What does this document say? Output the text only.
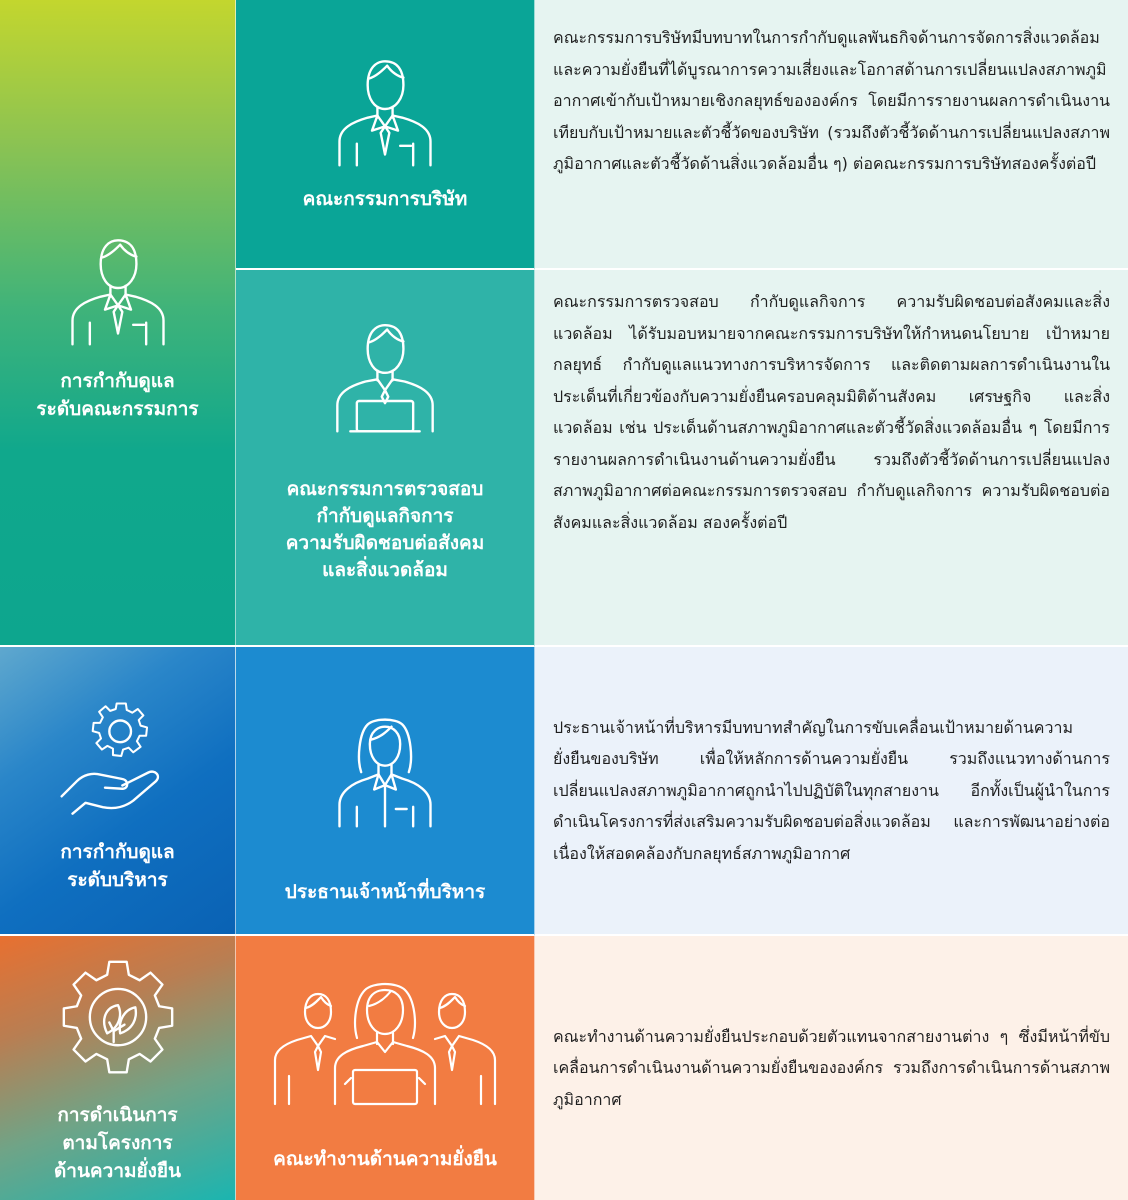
การกำกับดูแล
ระดับคณะกรรมการ
คณะกรรมการบริษัท

คณะกรรมการบริษัทมีบทบาทในการกำกับดูแลพันธกิจด้านการจัดการสิ่งแวดล้อมและความยั่งยืนที่ได้บูรณาการความเสี่ยงและโอกาสด้านการเปลี่ยนแปลงสภาพภูมิอากาศเข้ากับเป้าหมายเชิงกลยุทธ์ขององค์กร โดยมีการรายงานผลการดำเนินงานเทียบกับเป้าหมายและตัวชี้วัดของบริษัท (รวมถึงตัวชี้วัดด้านการเปลี่ยนแปลงสภาพภูมิอากาศและตัวชี้วัดด้านสิ่งแวดล้อมอื่น ๆ) ต่อคณะกรรมการบริษัทสองครั้งต่อปี

คณะกรรมการตรวจสอบ
กำกับดูแลกิจการ
ความรับผิดชอบต่อสังคม
และสิ่งแวดล้อม

คณะกรรมการตรวจสอบ กำกับดูแลกิจการ ความรับผิดชอบต่อสังคมและสิ่งแวดล้อม ได้รับมอบหมายจากคณะกรรมการบริษัทให้กำหนดนโยบาย เป้าหมาย กลยุทธ์ กำกับดูแลแนวทางการบริหารจัดการ และติดตามผลการดำเนินงานในประเด็นที่เกี่ยวข้องกับความยั่งยืนครอบคลุมมิติด้านสังคม เศรษฐกิจ และสิ่งแวดล้อม เช่น ประเด็นด้านสภาพภูมิอากาศและตัวชี้วัดสิ่งแวดล้อมอื่น ๆ โดยมีการรายงานผลการดำเนินงานด้านความยั่งยืน รวมถึงตัวชี้วัดด้านการเปลี่ยนแปลงสภาพภูมิอากาศต่อคณะกรรมการตรวจสอบ กำกับดูแลกิจการ ความรับผิดชอบต่อสังคมและสิ่งแวดล้อม สองครั้งต่อปี

การกำกับดูแล
ระดับบริหาร
ประธานเจ้าหน้าที่บริหาร

ประธานเจ้าหน้าที่บริหารมีบทบาทสำคัญในการขับเคลื่อนเป้าหมายด้านความยั่งยืนของบริษัท เพื่อให้หลักการด้านความยั่งยืน รวมถึงแนวทางด้านการเปลี่ยนแปลงสภาพภูมิอากาศถูกนำไปปฏิบัติในทุกสายงาน อีกทั้งเป็นผู้นำในการดำเนินโครงการที่ส่งเสริมความรับผิดชอบต่อสิ่งแวดล้อม และการพัฒนาอย่างต่อเนื่องให้สอดคล้องกับกลยุทธ์สภาพภูมิอากาศ

การดำเนินการ
ตามโครงการ
ด้านความยั่งยืน
คณะทำงานด้านความยั่งยืน

คณะทำงานด้านความยั่งยืนประกอบด้วยตัวแทนจากสายงานต่าง ๆ ซึ่งมีหน้าที่ขับเคลื่อนการดำเนินงานด้านความยั่งยืนขององค์กร รวมถึงการดำเนินการด้านสภาพภูมิอากาศ
